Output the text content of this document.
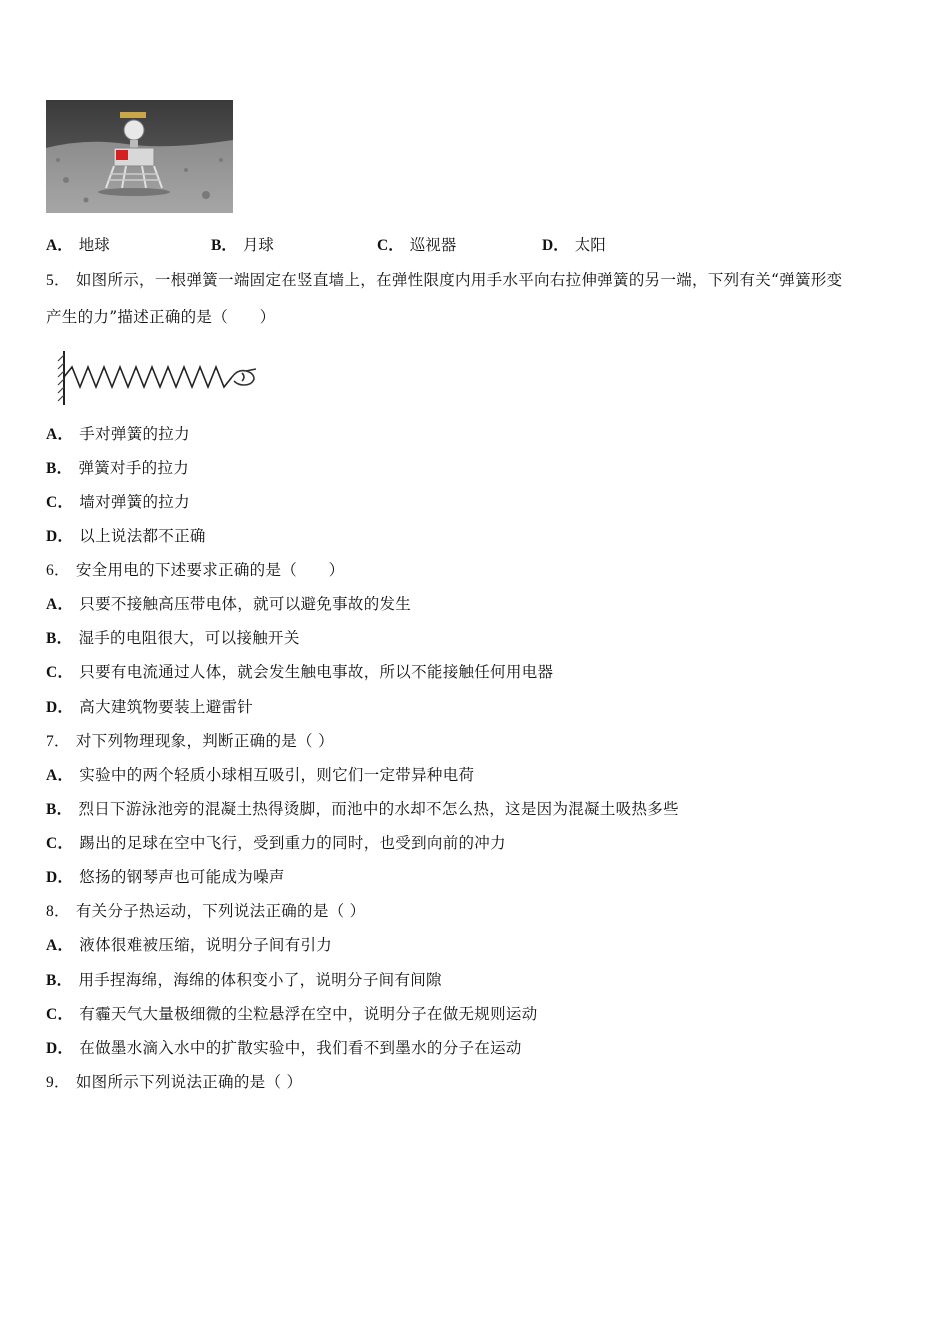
A． 地球	B． 月球	C． 巡视器	D． 太阳
5． 如图所示，一根弹簧一端固定在竖直墙上，在弹性限度内用手水平向右拉伸弹簧的另一端，下列有关“弹簧形变
产生的力”描述正确的是（　　）
A． 手对弹簧的拉力
B． 弹簧对手的拉力
C． 墙对弹簧的拉力
D． 以上说法都不正确
6． 安全用电的下述要求正确的是（　　）
A． 只要不接触高压带电体，就可以避免事故的发生
B． 湿手的电阻很大，可以接触开关
C． 只要有电流通过人体，就会发生触电事故，所以不能接触任何用电器
D． 高大建筑物要装上避雷针
7． 对下列物理现象，判断正确的是（ ）
A． 实验中的两个轻质小球相互吸引，则它们一定带异种电荷
B． 烈日下游泳池旁的混凝土热得烫脚，而池中的水却不怎么热，这是因为混凝土吸热多些
C． 踢出的足球在空中飞行，受到重力的同时，也受到向前的冲力
D． 悠扬的钢琴声也可能成为噪声
8． 有关分子热运动，下列说法正确的是（ ）
A． 液体很难被压缩，说明分子间有引力
B． 用手捏海绵，海绵的体积变小了，说明分子间有间隙
C． 有霾天气大量极细微的尘粒悬浮在空中，说明分子在做无规则运动
D． 在做墨水滴入水中的扩散实验中，我们看不到墨水的分子在运动
9． 如图所示下列说法正确的是（ ）
